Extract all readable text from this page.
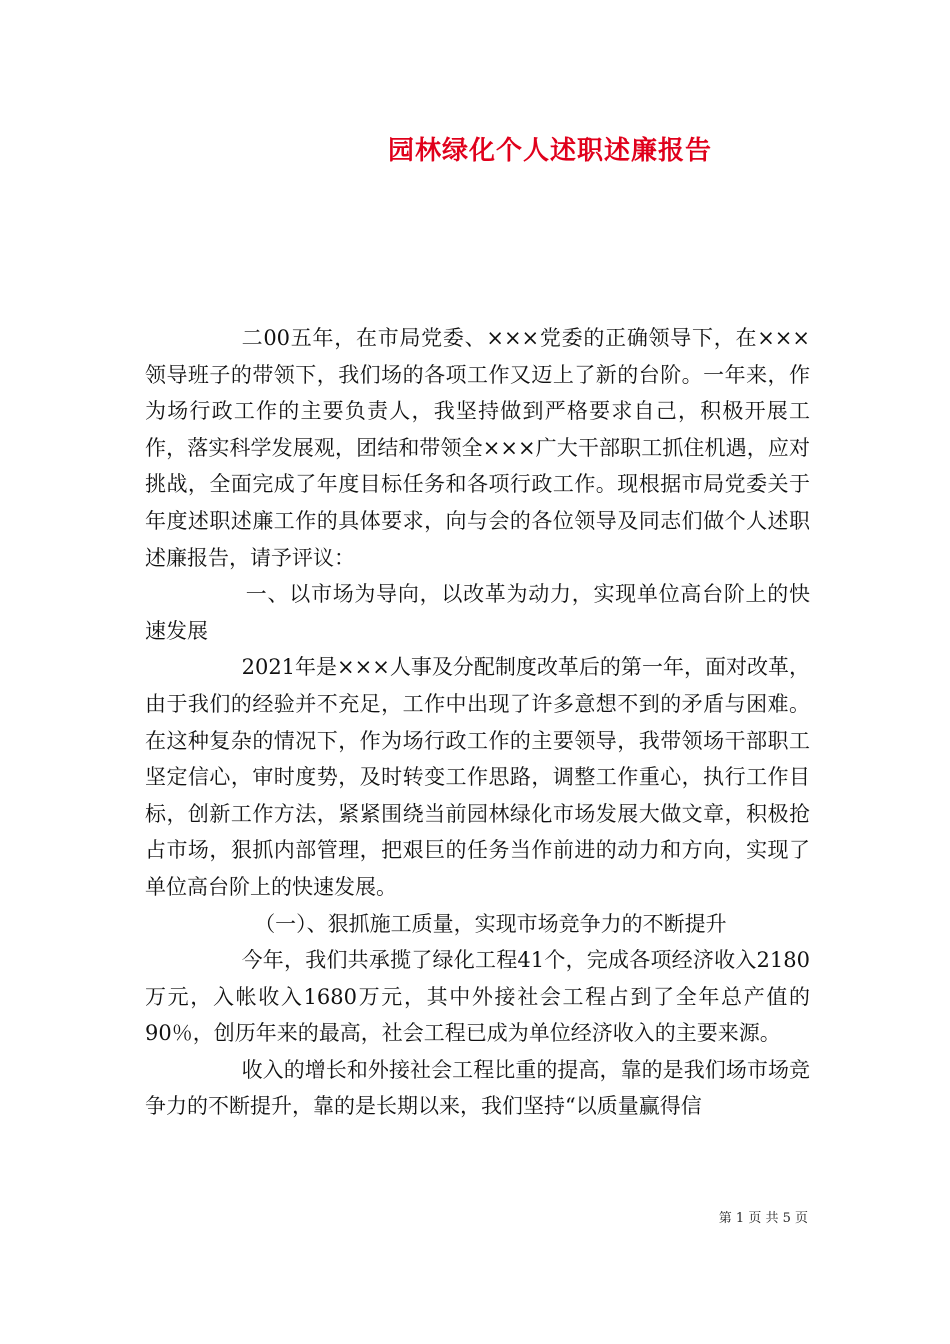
园林绿化个人述职述廉报告

二00五年，在市局党委、×××党委的正确领导下，在×××领导班子的带领下，我们场的各项工作又迈上了新的台阶。一年来，作为场行政工作的主要负责人，我坚持做到严格要求自己，积极开展工作，落实科学发展观，团结和带领全×××广大干部职工抓住机遇，应对挑战，全面完成了年度目标任务和各项行政工作。现根据市局党委关于年度述职述廉工作的具体要求，向与会的各位领导及同志们做个人述职述廉报告，请予评议：

一、以市场为导向，以改革为动力，实现单位高台阶上的快速发展

2021年是×××人事及分配制度改革后的第一年，面对改革，由于我们的经验并不充足，工作中出现了许多意想不到的矛盾与困难。在这种复杂的情况下，作为场行政工作的主要领导，我带领场干部职工坚定信心，审时度势，及时转变工作思路，调整工作重心，执行工作目标，创新工作方法，紧紧围绕当前园林绿化市场发展大做文章，积极抢占市场，狠抓内部管理，把艰巨的任务当作前进的动力和方向，实现了单位高台阶上的快速发展。

（一）、狠抓施工质量，实现市场竞争力的不断提升

今年，我们共承揽了绿化工程41个，完成各项经济收入2180万元，入帐收入1680万元，其中外接社会工程占到了全年总产值的90％，创历年来的最高，社会工程已成为单位经济收入的主要来源。

收入的增长和外接社会工程比重的提高，靠的是我们场市场竞争力的不断提升，靠的是长期以来，我们坚持“以质量赢得信

第 1 页 共 5 页
